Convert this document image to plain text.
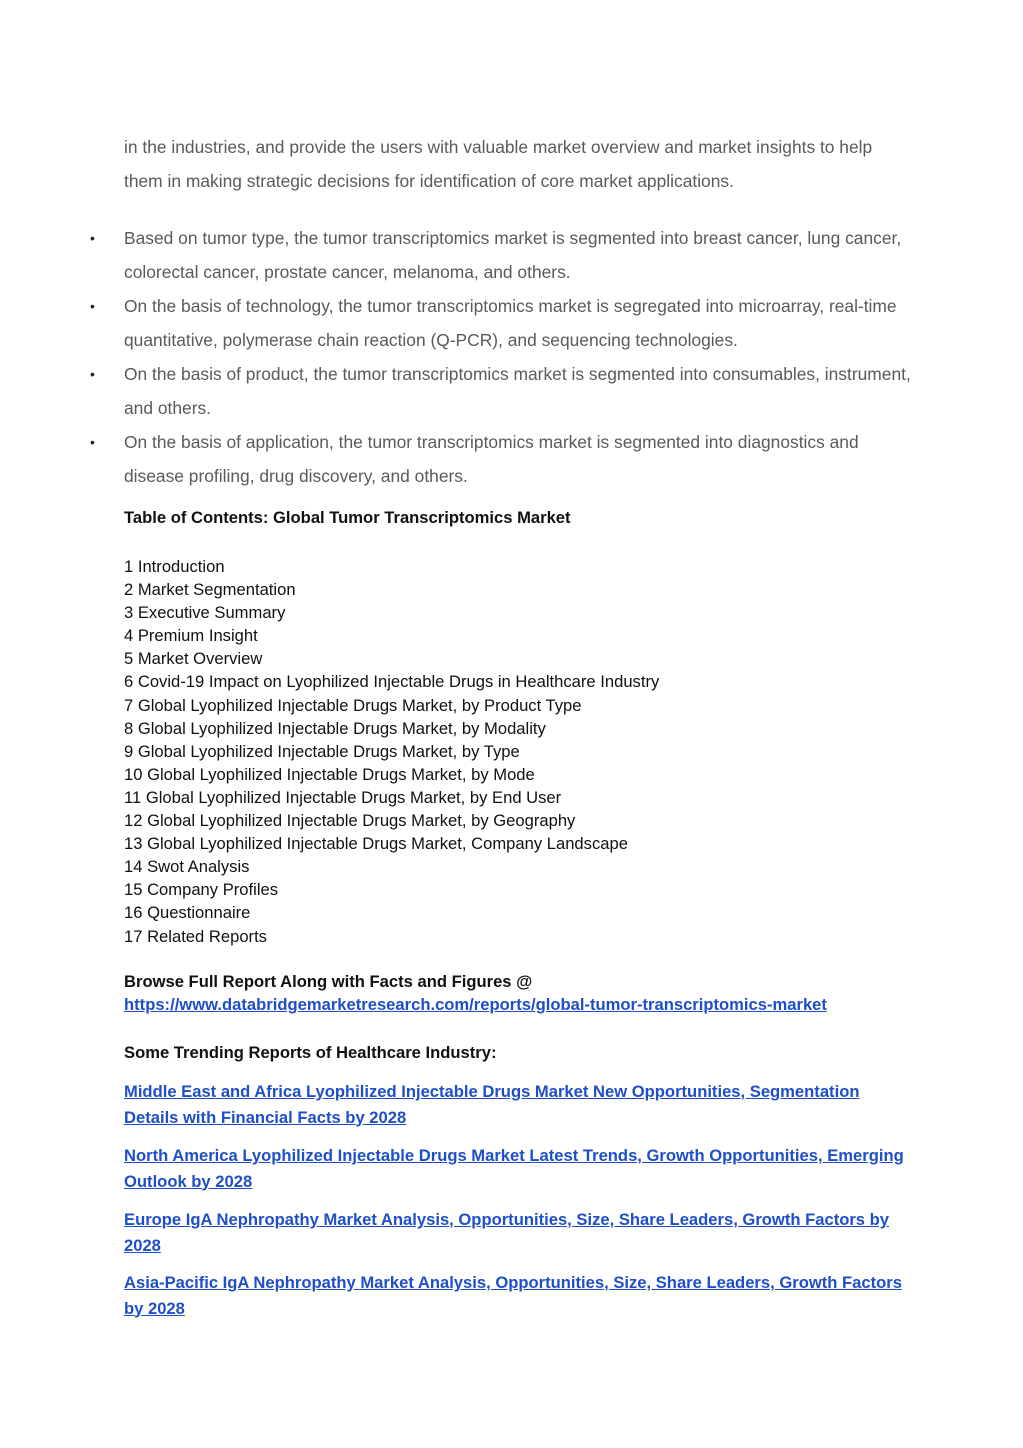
in the industries, and provide the users with valuable market overview and market insights to help them in making strategic decisions for identification of core market applications.
• Based on tumor type, the tumor transcriptomics market is segmented into breast cancer, lung cancer, colorectal cancer, prostate cancer, melanoma, and others.
• On the basis of technology, the tumor transcriptomics market is segregated into microarray, real-time quantitative, polymerase chain reaction (Q-PCR), and sequencing technologies.
• On the basis of product, the tumor transcriptomics market is segmented into consumables, instrument, and others.
• On the basis of application, the tumor transcriptomics market is segmented into diagnostics and disease profiling, drug discovery, and others.
Table of Contents: Global Tumor Transcriptomics Market
1 Introduction
2 Market Segmentation
3 Executive Summary
4 Premium Insight
5 Market Overview
6 Covid-19 Impact on Lyophilized Injectable Drugs in Healthcare Industry
7 Global Lyophilized Injectable Drugs Market, by Product Type
8 Global Lyophilized Injectable Drugs Market, by Modality
9 Global Lyophilized Injectable Drugs Market, by Type
10 Global Lyophilized Injectable Drugs Market, by Mode
11 Global Lyophilized Injectable Drugs Market, by End User
12 Global Lyophilized Injectable Drugs Market, by Geography
13 Global Lyophilized Injectable Drugs Market, Company Landscape
14 Swot Analysis
15 Company Profiles
16 Questionnaire
17 Related Reports
Browse Full Report Along with Facts and Figures @
https://www.databridgemarketresearch.com/reports/global-tumor-transcriptomics-market
Some Trending Reports of Healthcare Industry:
Middle East and Africa Lyophilized Injectable Drugs Market New Opportunities, Segmentation Details with Financial Facts by 2028
North America Lyophilized Injectable Drugs Market Latest Trends, Growth Opportunities, Emerging Outlook by 2028
Europe IgA Nephropathy Market Analysis, Opportunities, Size, Share Leaders, Growth Factors by 2028
Asia-Pacific IgA Nephropathy Market Analysis, Opportunities, Size, Share Leaders, Growth Factors by 2028
